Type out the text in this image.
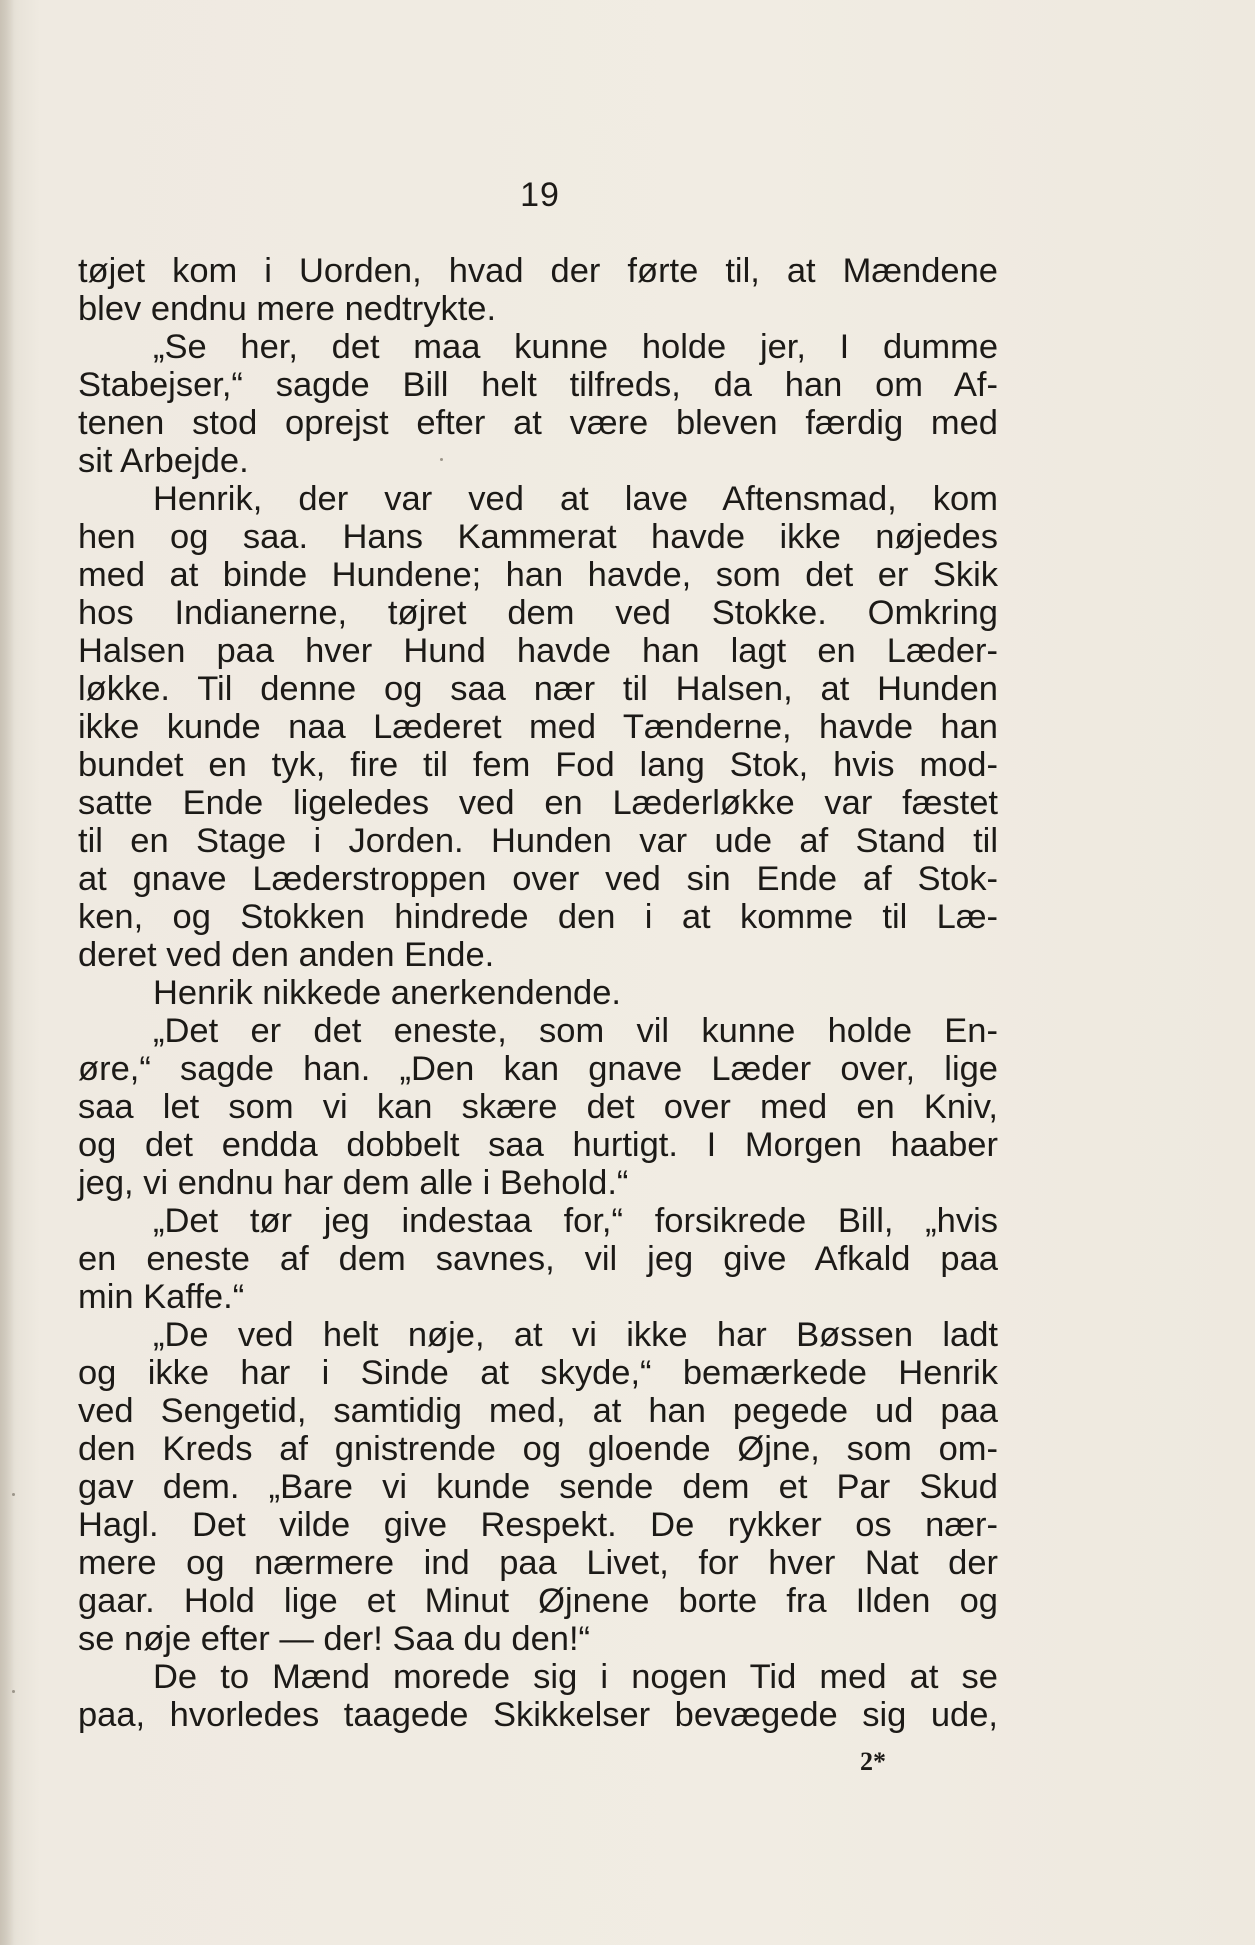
19
tøjet kom i Uorden, hvad der førte til, at Mændene
blev endnu mere nedtrykte.
„Se her, det maa kunne holde jer, I dumme
Stabejser,“ sagde Bill helt tilfreds, da han om Af-
tenen stod oprejst efter at være bleven færdig med
sit Arbejde.
Henrik, der var ved at lave Aftensmad, kom
hen og saa. Hans Kammerat havde ikke nøjedes
med at binde Hundene; han havde, som det er Skik
hos Indianerne, tøjret dem ved Stokke. Omkring
Halsen paa hver Hund havde han lagt en Læder-
løkke. Til denne og saa nær til Halsen, at Hunden
ikke kunde naa Læderet med Tænderne, havde han
bundet en tyk, fire til fem Fod lang Stok, hvis mod-
satte Ende ligeledes ved en Læderløkke var fæstet
til en Stage i Jorden. Hunden var ude af Stand til
at gnave Læderstroppen over ved sin Ende af Stok-
ken, og Stokken hindrede den i at komme til Læ-
deret ved den anden Ende.
Henrik nikkede anerkendende.
„Det er det eneste, som vil kunne holde En-
øre,“ sagde han. „Den kan gnave Læder over, lige
saa let som vi kan skære det over med en Kniv,
og det endda dobbelt saa hurtigt. I Morgen haaber
jeg, vi endnu har dem alle i Behold.“
„Det tør jeg indestaa for,“ forsikrede Bill, „hvis
en eneste af dem savnes, vil jeg give Afkald paa
min Kaffe.“
„De ved helt nøje, at vi ikke har Bøssen ladt
og ikke har i Sinde at skyde,“ bemærkede Henrik
ved Sengetid, samtidig med, at han pegede ud paa
den Kreds af gnistrende og gloende Øjne, som om-
gav dem. „Bare vi kunde sende dem et Par Skud
Hagl. Det vilde give Respekt. De rykker os nær-
mere og nærmere ind paa Livet, for hver Nat der
gaar. Hold lige et Minut Øjnene borte fra Ilden og
se nøje efter — der! Saa du den!“
De to Mænd morede sig i nogen Tid med at se
paa, hvorledes taagede Skikkelser bevægede sig ude,
2*
